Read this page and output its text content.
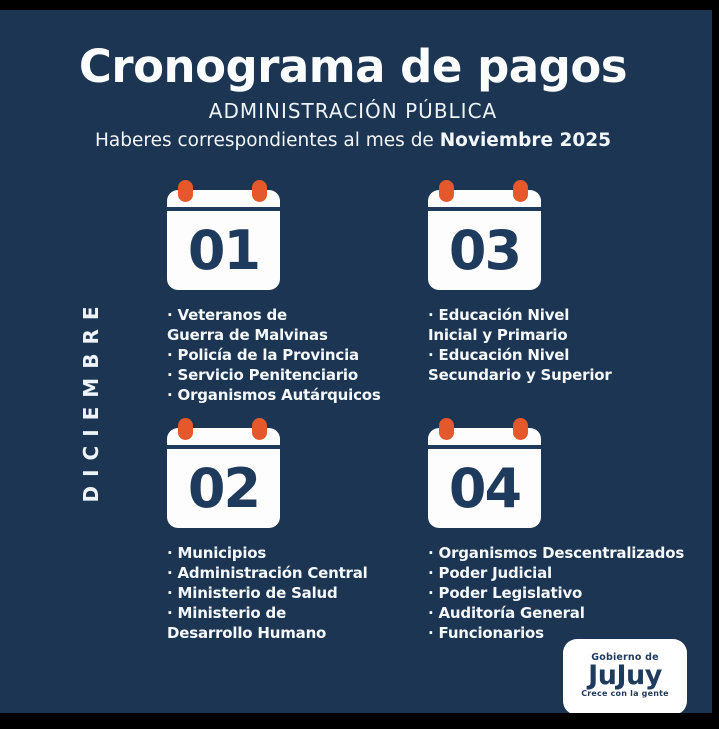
Cronograma de pagos
ADMINISTRACIÓN PÚBLICA
Haberes correspondientes al mes de Noviembre 2025
DICIEMBRE
01
· Veteranos de
Guerra de Malvinas
· Policía de la Provincia
· Servicio Penitenciario
· Organismos Autárquicos
03
· Educación Nivel
Inicial y Primario
· Educación Nivel
Secundario y Superior
02
· Municipios
· Administración Central
· Ministerio de Salud
· Ministerio de
Desarrollo Humano
04
· Organismos Descentralizados
· Poder Judicial
· Poder Legislativo
· Auditoría General
· Funcionarios
Gobierno de
JuJuy
Crece con la gente
